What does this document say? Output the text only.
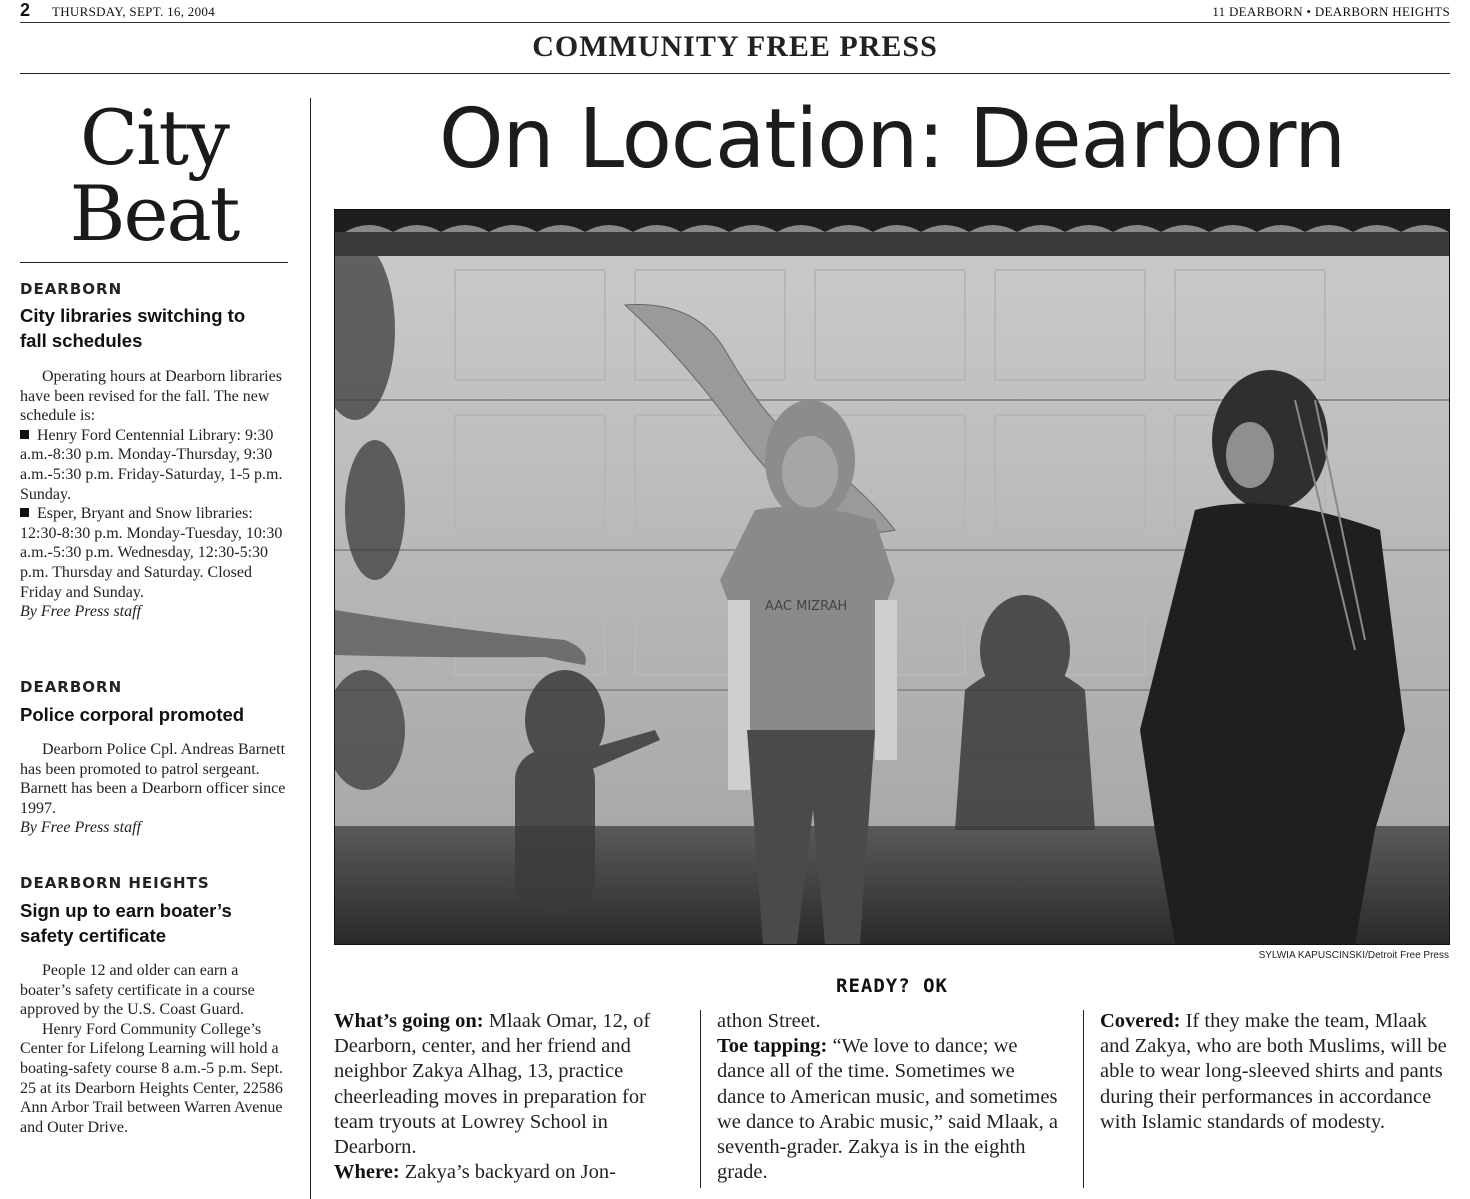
2 THURSDAY, SEPT. 16, 2004	11 DEARBORN • DEARBORN HEIGHTS
COMMUNITY FREE PRESS
City
Beat
DEARBORN
City libraries switching to fall schedules

Operating hours at Dearborn libraries have been revised for the fall. The new schedule is:

Henry Ford Centennial Library: 9:30 a.m.-8:30 p.m. Monday-Thursday, 9:30 a.m.-5:30 p.m. Friday-Saturday, 1-5 p.m. Sunday.

Esper, Bryant and Snow libraries: 12:30-8:30 p.m. Monday-Tuesday, 10:30 a.m.-5:30 p.m. Wednesday, 12:30-5:30 p.m. Thursday and Saturday. Closed Friday and Sunday.

By Free Press staff

DEARBORN
Police corporal promoted

Dearborn Police Cpl. Andreas Barnett has been promoted to patrol sergeant. Barnett has been a Dearborn officer since 1997.

By Free Press staff

DEARBORN HEIGHTS
Sign up to earn boater’s safety certificate

People 12 and older can earn a boater’s safety certificate in a course approved by the U.S. Coast Guard.

Henry Ford Community College’s Center for Lifelong Learning will hold a boating-safety course 8 a.m.-5 p.m. Sept. 25 at its Dearborn Heights Center, 22586 Ann Arbor Trail between Warren Avenue and Outer Drive.

On Location: Dearborn
AAC MIZRAH
SYLWIA KAPUSCINSKI/Detroit Free Press
READY? OK

What’s going on: Mlaak Omar, 12, of Dearborn, center, and her friend and neighbor Zakya Alhag, 13, practice cheerleading moves in preparation for team tryouts at Lowrey School in Dearborn.

Where: Zakya’s backyard on Jon-

athon Street.

Toe tapping: “We love to dance; we dance all of the time. Sometimes we dance to American music, and sometimes we dance to Arabic music,” said Mlaak, a seventh-grader. Zakya is in the eighth grade.

Covered: If they make the team, Mlaak and Zakya, who are both Muslims, will be able to wear long-sleeved shirts and pants during their performances in accordance with Islamic standards of modesty.
